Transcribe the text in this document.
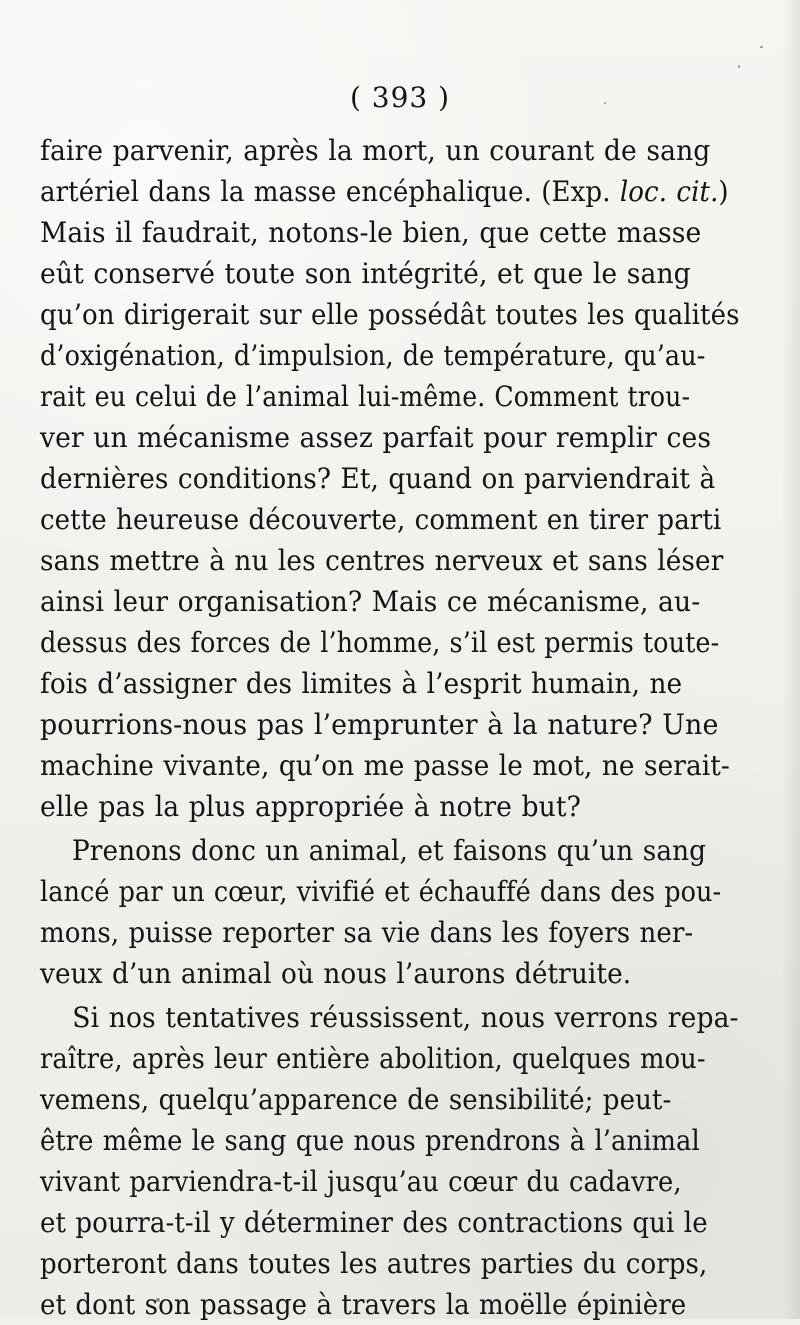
( 393 )
faire parvenir, après la mort, un courant de sang
artériel dans la masse encéphalique. (Exp. loc. cit.)
Mais il faudrait, notons-le bien, que cette masse
eût conservé toute son intégrité, et que le sang
qu’on dirigerait sur elle possédât toutes les qualités
d’oxigénation, d’impulsion, de température, qu’au-
rait eu celui de l’animal lui-même. Comment trou-
ver un mécanisme assez parfait pour remplir ces
dernières conditions? Et, quand on parviendrait à
cette heureuse découverte, comment en tirer parti
sans mettre à nu les centres nerveux et sans léser
ainsi leur organisation? Mais ce mécanisme, au-
dessus des forces de l’homme, s’il est permis toute-
fois d’assigner des limites à l’esprit humain, ne
pourrions-nous pas l’emprunter à la nature? Une
machine vivante, qu’on me passe le mot, ne serait-
elle pas la plus appropriée à notre but?
Prenons donc un animal, et faisons qu’un sang
lancé par un cœur, vivifié et échauffé dans des pou-
mons, puisse reporter sa vie dans les foyers ner-
veux d’un animal où nous l’aurons détruite.
Si nos tentatives réussissent, nous verrons repa-
raître, après leur entière abolition, quelques mou-
vemens, quelqu’apparence de sensibilité; peut-
être même le sang que nous prendrons à l’animal
vivant parviendra-t-il jusqu’au cœur du cadavre,
et pourra-t-il y déterminer des contractions qui le
porteront dans toutes les autres parties du corps,
et dont son passage à travers la moëlle épinière
